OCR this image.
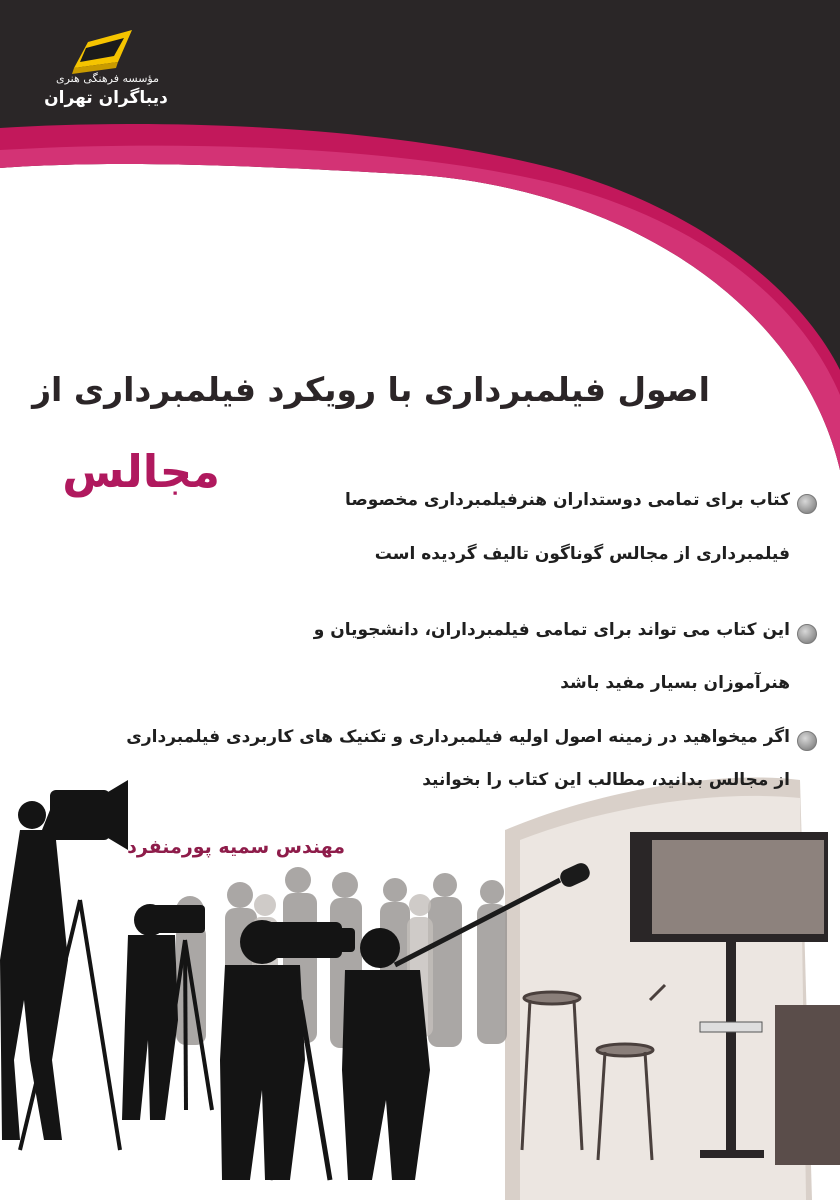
مؤسسه فرهنگی هنری
دیباگران تهران
اصول فیلمبرداری با رویکرد فیلمبرداری از
مجالس
کتاب برای تمامی دوستداران هنرفیلمبرداری مخصوصا
فیلمبرداری از مجالس گوناگون تالیف گردیده است
این کتاب می تواند برای تمامی فیلمبرداران، دانشجویان و
هنرآموزان بسیار مفید باشد
اگر میخواهید در زمینه اصول اولیه فیلمبرداری و تکنیک های کاربردی فیلمبرداری
از مجالس بدانید، مطالب این کتاب را بخوانید
مهندس سمیه پورمنفرد
